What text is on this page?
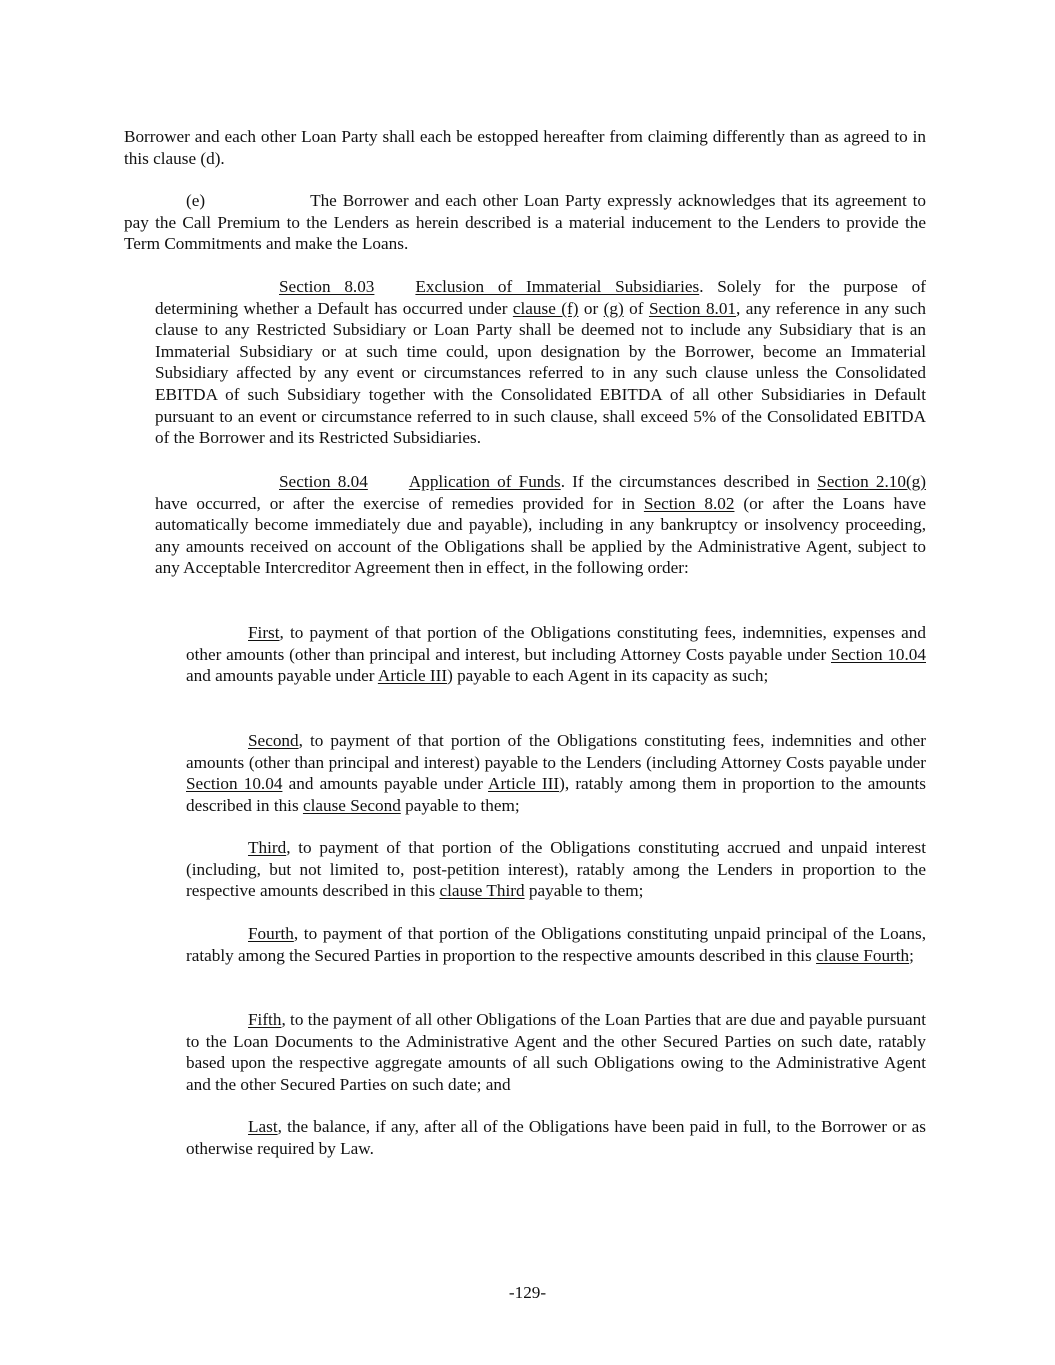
Borrower and each other Loan Party shall each be estopped hereafter from claiming differently than as agreed to in this clause (d).

(e)	The Borrower and each other Loan Party expressly acknowledges that its agreement to pay the Call Premium to the Lenders as herein described is a material inducement to the Lenders to provide the Term Commitments and make the Loans.

Section 8.03 Exclusion of Immaterial Subsidiaries. Solely for the purpose of determining whether a Default has occurred under clause (f) or (g) of Section 8.01, any reference in any such clause to any Restricted Subsidiary or Loan Party shall be deemed not to include any Subsidiary that is an Immaterial Subsidiary or at such time could, upon designation by the Borrower, become an Immaterial Subsidiary affected by any event or circumstances referred to in any such clause unless the Consolidated EBITDA of such Subsidiary together with the Consolidated EBITDA of all other Subsidiaries in Default pursuant to an event or circumstance referred to in such clause, shall exceed 5% of the Consolidated EBITDA of the Borrower and its Restricted Subsidiaries.

Section 8.04 Application of Funds. If the circumstances described in Section 2.10(g) have occurred, or after the exercise of remedies provided for in Section 8.02 (or after the Loans have automatically become immediately due and payable), including in any bankruptcy or insolvency proceeding, any amounts received on account of the Obligations shall be applied by the Administrative Agent, subject to any Acceptable Intercreditor Agreement then in effect, in the following order:

First, to payment of that portion of the Obligations constituting fees, indemnities, expenses and other amounts (other than principal and interest, but including Attorney Costs payable under Section 10.04 and amounts payable under Article III) payable to each Agent in its capacity as such;

Second, to payment of that portion of the Obligations constituting fees, indemnities and other amounts (other than principal and interest) payable to the Lenders (including Attorney Costs payable under Section 10.04 and amounts payable under Article III), ratably among them in proportion to the amounts described in this clause Second payable to them;

Third, to payment of that portion of the Obligations constituting accrued and unpaid interest (including, but not limited to, post-petition interest), ratably among the Lenders in proportion to the respective amounts described in this clause Third payable to them;

Fourth, to payment of that portion of the Obligations constituting unpaid principal of the Loans, ratably among the Secured Parties in proportion to the respective amounts described in this clause Fourth;

Fifth, to the payment of all other Obligations of the Loan Parties that are due and payable pursuant to the Loan Documents to the Administrative Agent and the other Secured Parties on such date, ratably based upon the respective aggregate amounts of all such Obligations owing to the Administrative Agent and the other Secured Parties on such date; and

Last, the balance, if any, after all of the Obligations have been paid in full, to the Borrower or as otherwise required by Law.

-129-
